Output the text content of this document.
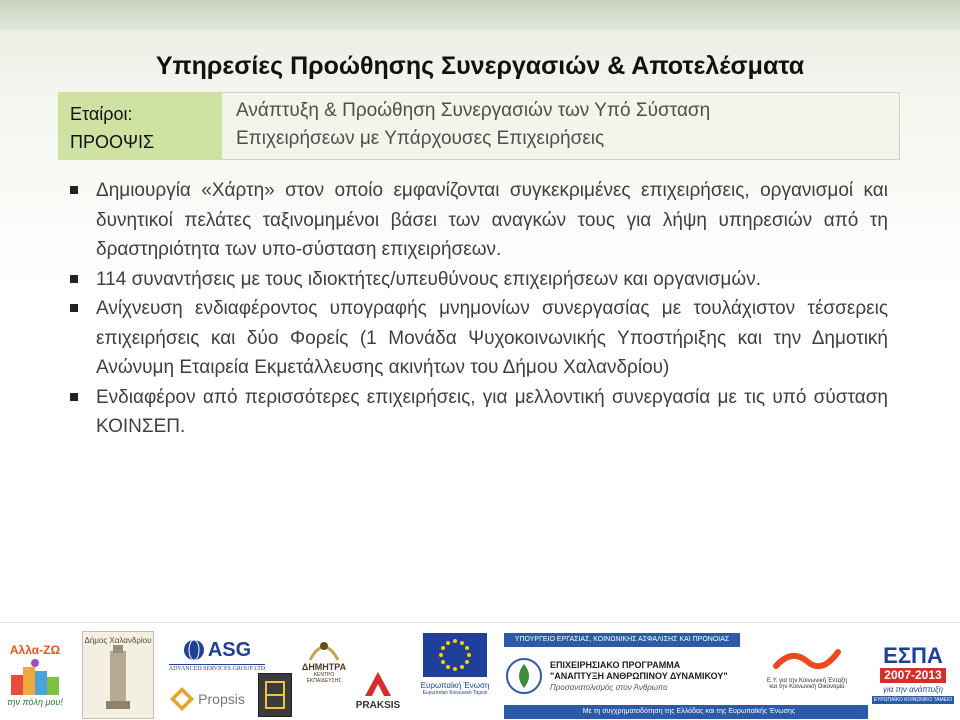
Υπηρεσίες Προώθησης Συνεργασιών & Αποτελέσματα
Εταίροι:
ΠΡΟΟΨΙΣ
Ανάπτυξη & Προώθηση Συνεργασιών των Υπό Σύσταση
Επιχειρήσεων με Υπάρχουσες Επιχειρήσεις
Δημιουργία «Χάρτη» στον οποίο εμφανίζονται συγκεκριμένες επιχειρήσεις, οργανισμοί και δυνητικοί πελάτες ταξινομημένοι βάσει των αναγκών τους για λήψη υπηρεσιών από τη δραστηριότητα των υπο-σύσταση επιχειρήσεων.
114 συναντήσεις με τους ιδιοκτήτες/υπευθύνους επιχειρήσεων και οργανισμών.
Ανίχνευση ενδιαφέροντος υπογραφής μνημονίων συνεργασίας με τουλάχιστον τέσσερεις επιχειρήσεις και δύο Φορείς (1 Μονάδα Ψυχοκοινωνικής Υποστήριξης και την Δημοτική Ανώνυμη Εταιρεία Εκμετάλλευσης ακινήτων του Δήμου Χαλανδρίου)
Ενδιαφέρον από περισσότερες επιχειρήσεις, για μελλοντική συνεργασία με τις υπό σύσταση ΚΟΙΝΣΕΠ.
Αλλα-ΖΩ
την πόλη μου!
Δήμος Χαλανδρίου	ASG
ADVANCED SERVICES GROUP LTD
Propsis
ΔΗΜΗΤΡΑ
ΚΕΝΤΡΟ ΕΚΠΑΙΔΕΥΣΗΣ
PRAKSIS
Ευρωπαϊκή Ένωση
Ευρωπαϊκό Κοινωνικό Ταμείο
ΥΠΟΥΡΓΕΙΟ ΕΡΓΑΣΙΑΣ, ΚΟΙΝΩΝΙΚΗΣ ΑΣΦΑΛΙΣΗΣ ΚΑΙ ΠΡΟΝΟΙΑΣ
ΕΠΙΧΕΙΡΗΣΙΑΚΟ ΠΡΟΓΡΑΜΜΑ
"ΑΝΑΠΤΥΞΗ ΑΝΘΡΩΠΙΝΟΥ ΔΥΝΑΜΙΚΟΥ"
Προσανατολισμός στον Άνθρωπο
Με τη συγχρηματοδότηση της Ελλάδας και της Ευρωπαϊκής Ένωσης
Ε.Υ. για την Κοινωνική Ένταξη
και την Κοινωνική Οικονομία
ΕΣΠΑ
2007-2013
για την ανάπτυξη
ΕΥΡΩΠΑΪΚΟ ΚΟΙΝΩΝΙΚΟ ΤΑΜΕΙΟ
